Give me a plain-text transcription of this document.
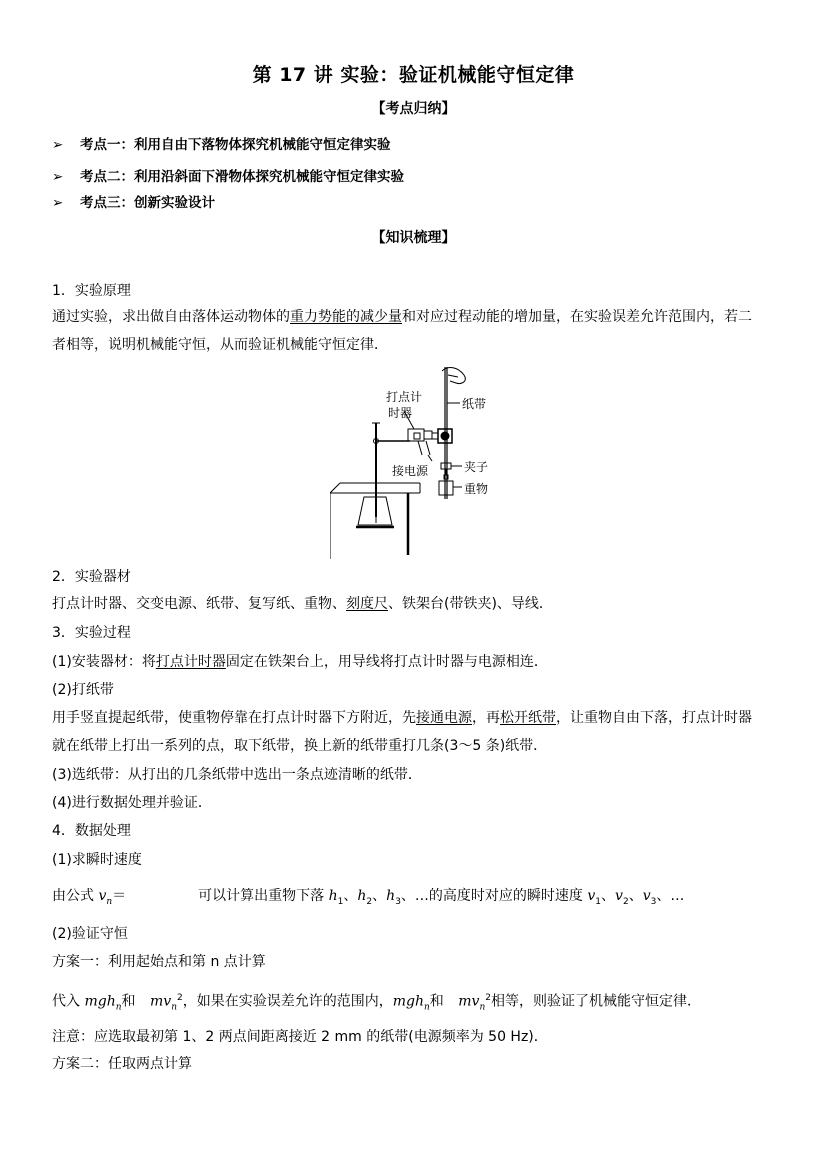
第 17 讲 实验：验证机械能守恒定律
【考点归纳】
➢ 考点一：利用自由下落物体探究机械能守恒定律实验
➢ 考点二：利用沿斜面下滑物体探究机械能守恒定律实验
➢ 考点三：创新实验设计
【知识梳理】
1．实验原理
通过实验，求出做自由落体运动物体的重力势能的减少量和对应过程动能的增加量，在实验误差允许范围内，若二
者相等，说明机械能守恒，从而验证机械能守恒定律．
打点计
时器
纸带
接电源	夹子
重物
2．实验器材
打点计时器、交变电源、纸带、复写纸、重物、刻度尺、铁架台(带铁夹)、导线．
3．实验过程
(1)安装器材：将打点计时器固定在铁架台上，用导线将打点计时器与电源相连．
(2)打纸带
用手竖直提起纸带，使重物停靠在打点计时器下方附近，先接通电源，再松开纸带，让重物自由下落，打点计时器
就在纸带上打出一系列的点，取下纸带，换上新的纸带重打几条(3～5 条)纸带．
(3)选纸带：从打出的几条纸带中选出一条点迹清晰的纸带．
(4)进行数据处理并验证．
4．数据处理
(1)求瞬时速度
由公式 $v_n=$	可以计算出重物下落 $h_1$、$h_2$、$h_3$、…的高度时对应的瞬时速度 $v_1$、$v_2$、$v_3$、…
(2)验证守恒
方案一：利用起始点和第 n 点计算
代入 mgh$_n$和 $mv_n^2$，如果在实验误差允许的范围内，mgh$_n$和 $mv_n^2$相等，则验证了机械能守恒定律．
注意：应选取最初第 1、2 两点间距离接近 2 mm 的纸带(电源频率为 50 Hz)．
方案二：任取两点计算
